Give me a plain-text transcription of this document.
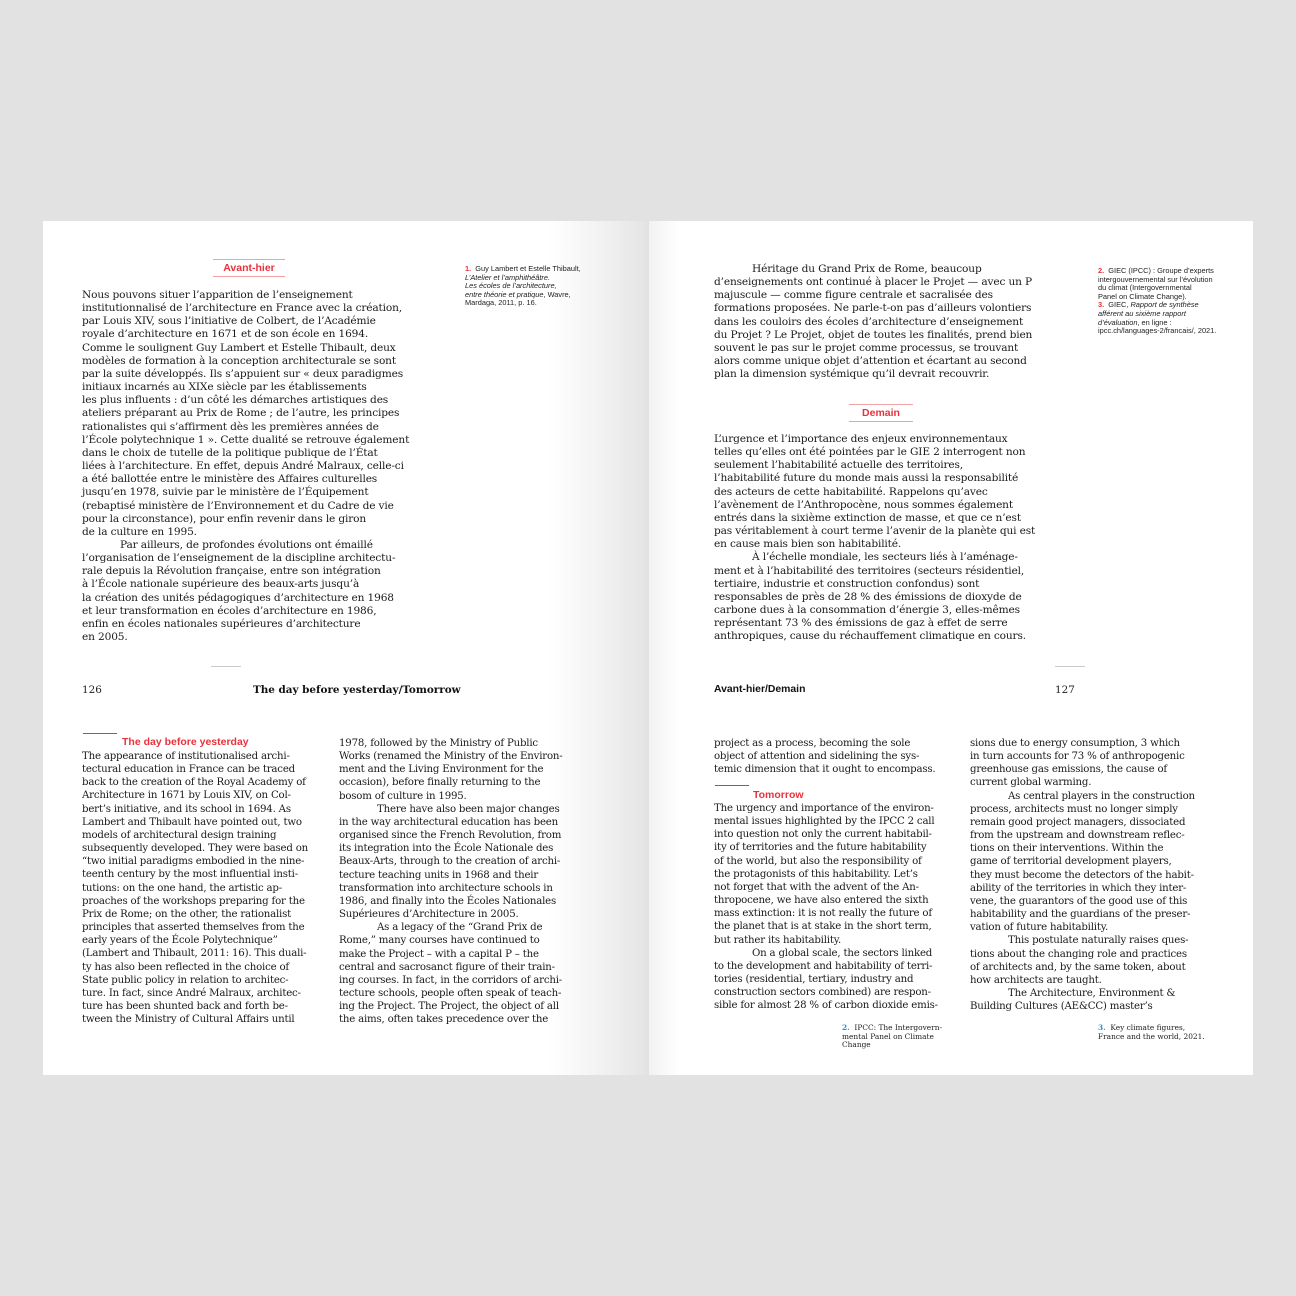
Avant-hier
Nous pouvons situer l’apparition de l’enseignement
institutionnalisé de l’architecture en France avec la création,
par Louis XIV, sous l’initiative de Colbert, de l’Académie
royale d’architecture en 1671 et de son école en 1694.
Comme le soulignent Guy Lambert et Estelle Thibault, deux
modèles de formation à la conception architecturale se sont
par la suite développés. Ils s’appuient sur « deux paradigmes
initiaux incarnés au XIXe siècle par les établissements
les plus influents : d’un côté les démarches artistiques des
ateliers préparant au Prix de Rome ; de l’autre, les principes
rationalistes qui s’affirment dès les premières années de
l’École polytechnique 1 ». Cette dualité se retrouve également
dans le choix de tutelle de la politique publique de l’État
liées à l’architecture. En effet, depuis André Malraux, celle-ci
a été ballottée entre le ministère des Affaires culturelles
jusqu’en 1978, suivie par le ministère de l’Équipement
(rebaptisé ministère de l’Environnement et du Cadre de vie
pour la circonstance), pour enfin revenir dans le giron
de la culture en 1995.
Par ailleurs, de profondes évolutions ont émaillé
l’organisation de l’enseignement de la discipline architectu-
rale depuis la Révolution française, entre son intégration
à l’École nationale supérieure des beaux-arts jusqu’à
la création des unités pédagogiques d’architecture en 1968
et leur transformation en écoles d’architecture en 1986,
enfin en écoles nationales supérieures d’architecture
en 2005.
1. Guy Lambert et Estelle Thibault,
L’Atelier et l’amphithéâtre.
Les écoles de l’architecture,
entre théorie et pratique, Wavre,
Mardaga, 2011, p. 16.
126	The day before yesterday/Tomorrow
The day before yesterday
The appearance of institutionalised archi-
tectural education in France can be traced
back to the creation of the Royal Academy of
Architecture in 1671 by Louis XIV, on Col-
bert’s initiative, and its school in 1694. As
Lambert and Thibault have pointed out, two
models of architectural design training
subsequently developed. They were based on
“two initial paradigms embodied in the nine-
teenth century by the most influential insti-
tutions: on the one hand, the artistic ap-
proaches of the workshops preparing for the
Prix de Rome; on the other, the rationalist
principles that asserted themselves from the
early years of the École Polytechnique”
(Lambert and Thibault, 2011: 16). This duali-
ty has also been reflected in the choice of
State public policy in relation to architec-
ture. In fact, since André Malraux, architec-
ture has been shunted back and forth be-
tween the Ministry of Cultural Affairs until
1978, followed by the Ministry of Public
Works (renamed the Ministry of the Environ-
ment and the Living Environment for the
occasion), before finally returning to the
bosom of culture in 1995.
There have also been major changes
in the way architectural education has been
organised since the French Revolution, from
its integration into the École Nationale des
Beaux-Arts, through to the creation of archi-
tecture teaching units in 1968 and their
transformation into architecture schools in
1986, and finally into the Écoles Nationales
Supérieures d’Architecture in 2005.
As a legacy of the “Grand Prix de
Rome,” many courses have continued to
make the Project – with a capital P – the
central and sacrosanct figure of their train-
ing courses. In fact, in the corridors of archi-
tecture schools, people often speak of teach-
ing the Project. The Project, the object of all
the aims, often takes precedence over the
Héritage du Grand Prix de Rome, beaucoup
d’enseignements ont continué à placer le Projet — avec un P
majuscule — comme figure centrale et sacralisée des
formations proposées. Ne parle-t-on pas d’ailleurs volontiers
dans les couloirs des écoles d’architecture d’enseignement
du Projet ? Le Projet, objet de toutes les finalités, prend bien
souvent le pas sur le projet comme processus, se trouvant
alors comme unique objet d’attention et écartant au second
plan la dimension systémique qu’il devrait recouvrir.
2. GIEC (IPCC) : Groupe d’experts
intergouvernemental sur l’évolution
du climat (Intergovernmental
Panel on Climate Change).
3. GIEC, Rapport de synthèse
afférent au sixième rapport
d’évaluation, en ligne :
ipcc.ch/languages-2/francais/, 2021.
Demain
L’urgence et l’importance des enjeux environnementaux
telles qu’elles ont été pointées par le GIE 2 interrogent non
seulement l’habitabilité actuelle des territoires,
l’habitabilité future du monde mais aussi la responsabilité
des acteurs de cette habitabilité. Rappelons qu’avec
l’avènement de l’Anthropocène, nous sommes également
entrés dans la sixième extinction de masse, et que ce n’est
pas véritablement à court terme l’avenir de la planète qui est
en cause mais bien son habitabilité.
À l’échelle mondiale, les secteurs liés à l’aménage-
ment et à l’habitabilité des territoires (secteurs résidentiel,
tertiaire, industrie et construction confondus) sont
responsables de près de 28 % des émissions de dioxyde de
carbone dues à la consommation d’énergie 3, elles-mêmes
représentant 73 % des émissions de gaz à effet de serre
anthropiques, cause du réchauffement climatique en cours.
Avant-hier/Demain	127
project as a process, becoming the sole
object of attention and sidelining the sys-
temic dimension that it ought to encompass.
Tomorrow
The urgency and importance of the environ-
mental issues highlighted by the IPCC 2 call
into question not only the current habitabil-
ity of territories and the future habitability
of the world, but also the responsibility of
the protagonists of this habitability. Let’s
not forget that with the advent of the An-
thropocene, we have also entered the sixth
mass extinction: it is not really the future of
the planet that is at stake in the short term,
but rather its habitability.
On a global scale, the sectors linked
to the development and habitability of terri-
tories (residential, tertiary, industry and
construction sectors combined) are respon-
sible for almost 28 % of carbon dioxide emis-
sions due to energy consumption, 3 which
in turn accounts for 73 % of anthropogenic
greenhouse gas emissions, the cause of
current global warming.
As central players in the construction
process, architects must no longer simply
remain good project managers, dissociated
from the upstream and downstream reflec-
tions on their interventions. Within the
game of territorial development players,
they must become the detectors of the habit-
ability of the territories in which they inter-
vene, the guarantors of the good use of this
habitability and the guardians of the preser-
vation of future habitability.
This postulate naturally raises ques-
tions about the changing role and practices
of architects and, by the same token, about
how architects are taught.
The Architecture, Environment &
Building Cultures (AE&CC) master’s
2. IPCC: The Intergovern-
mental Panel on Climate
Change
3. Key climate figures,
France and the world, 2021.
